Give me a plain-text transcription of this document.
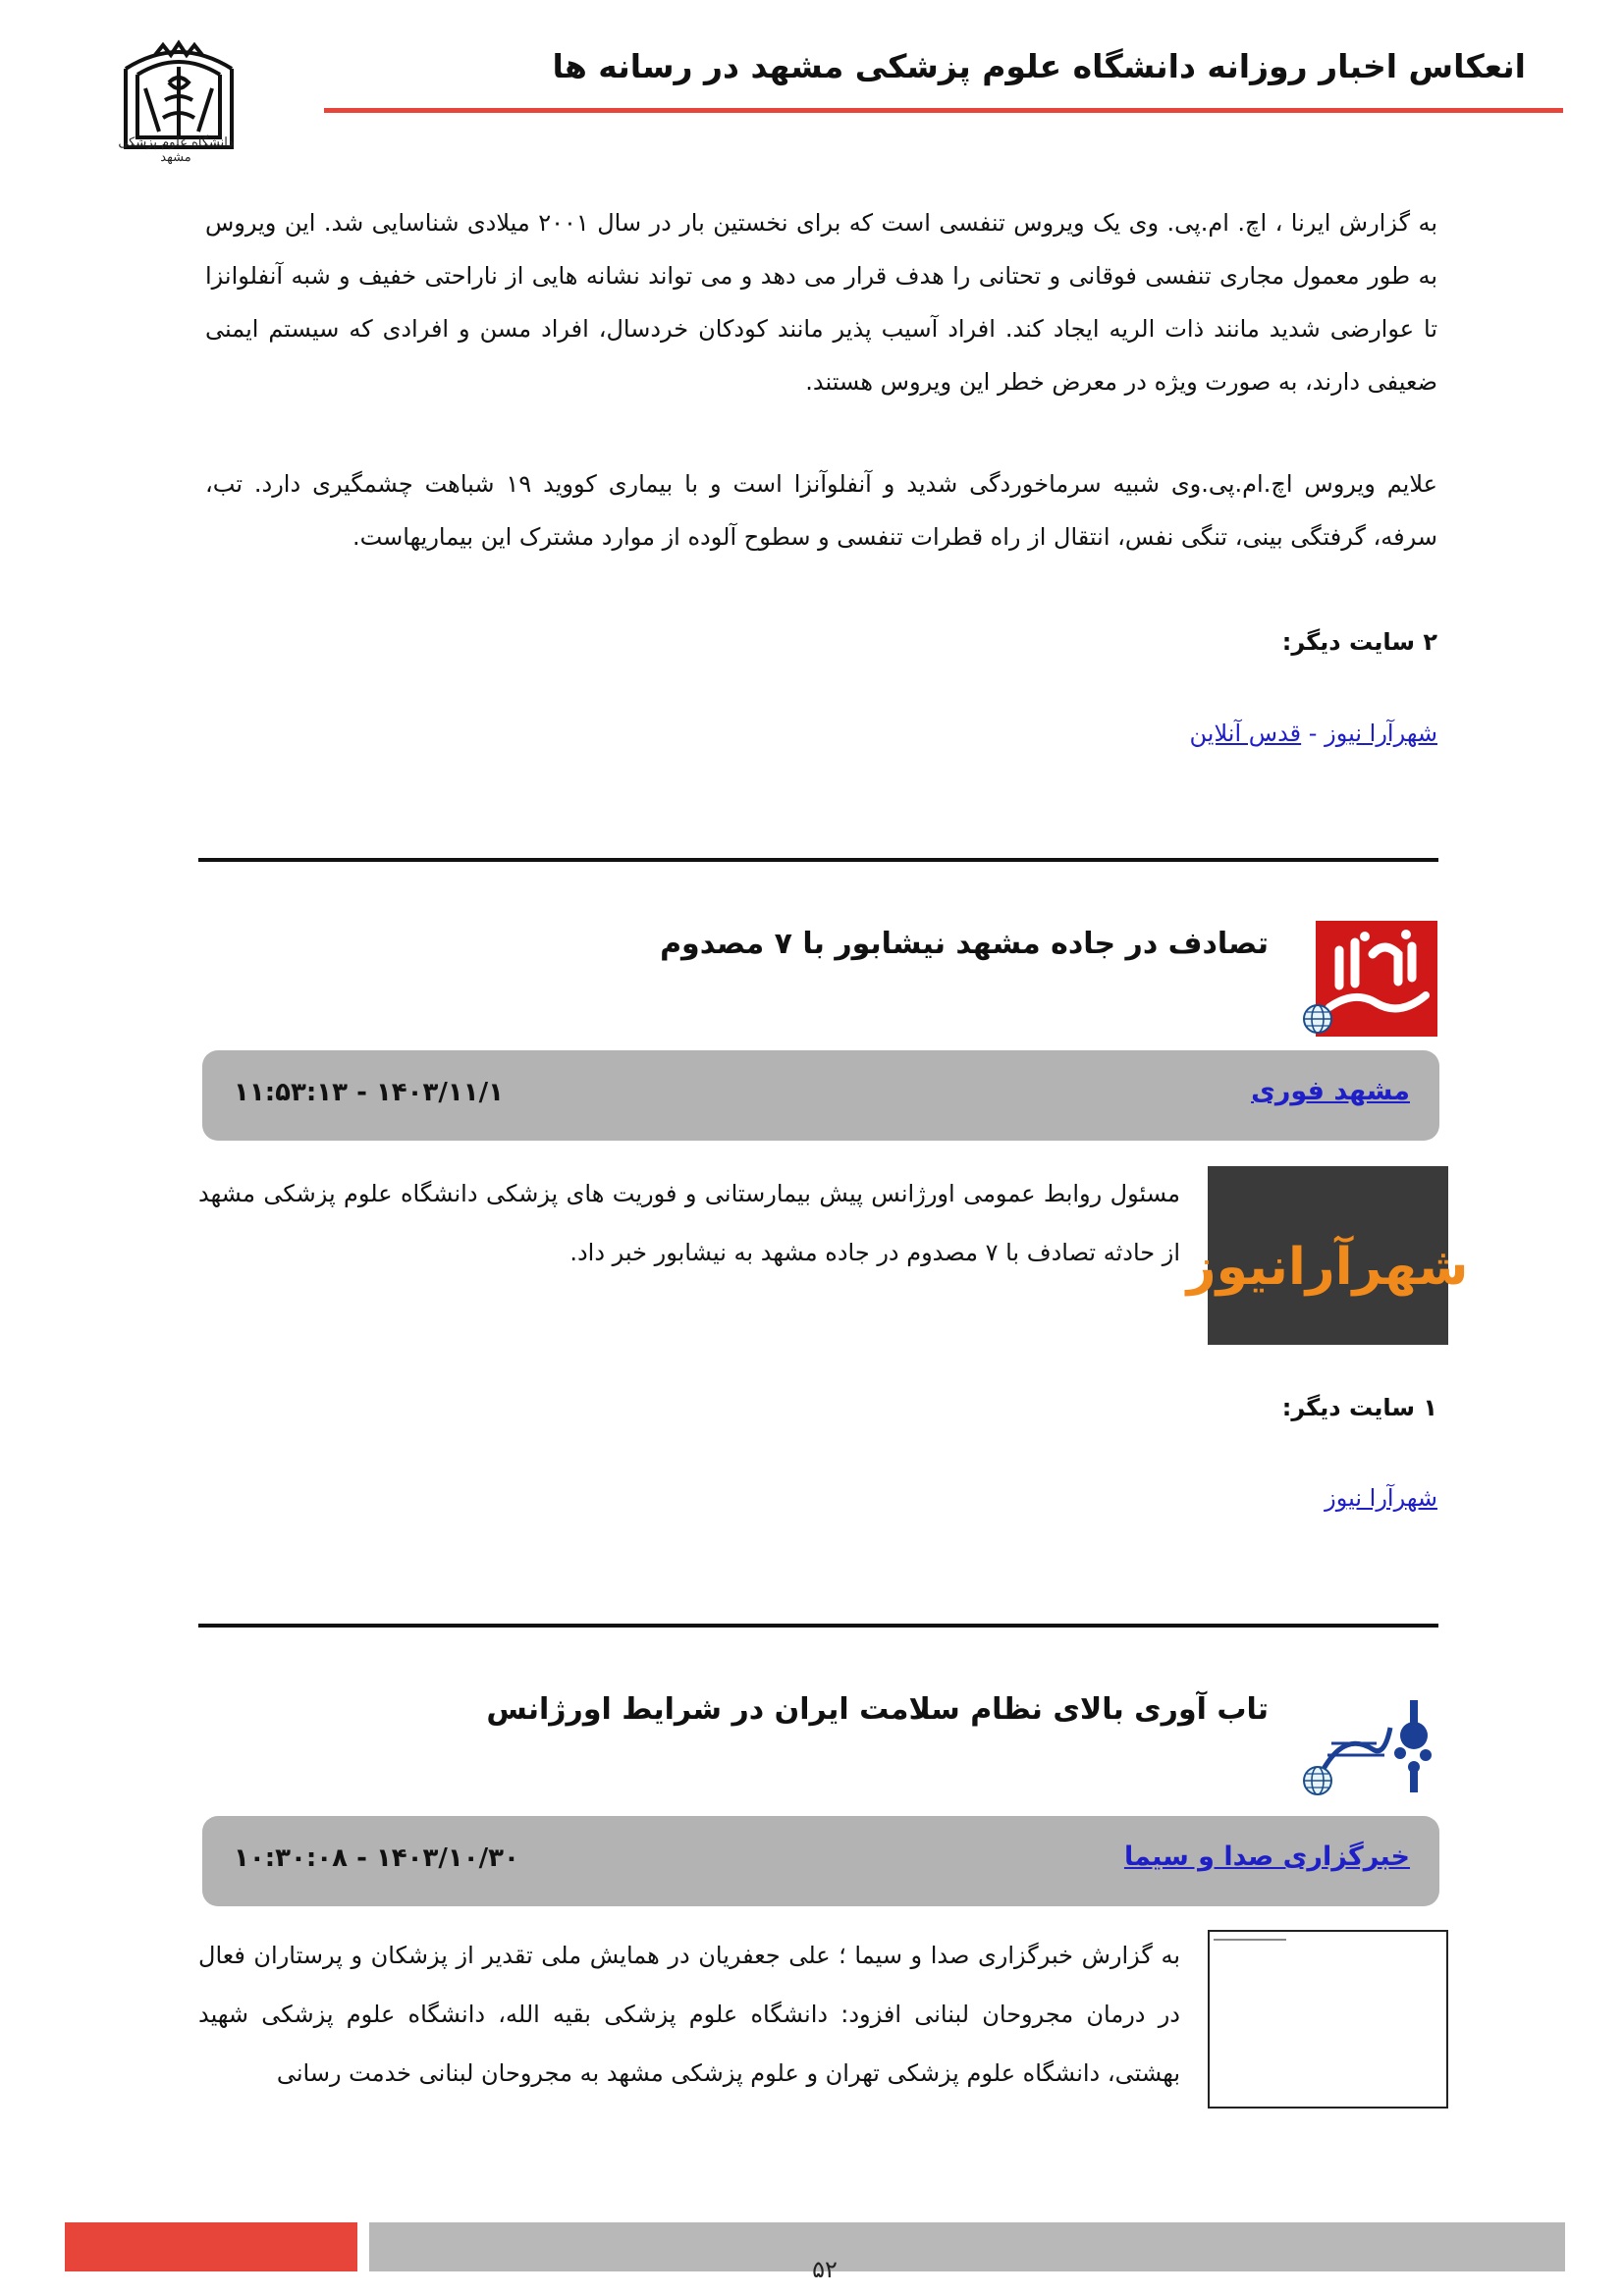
انعکاس اخبار روزانه دانشگاه علوم پزشکی مشهد در رسانه ها
دانشگاه علوم پزشکی مشهد

به گزارش ایرنا ، اچ. ام.پی. وی یک ویروس تنفسی است که برای نخستین بار در سال ۲۰۰۱ میلادی شناسایی شد. این ویروس به طور معمول مجاری تنفسی فوقانی و تحتانی را هدف قرار می دهد و می تواند نشانه هایی از ناراحتی خفیف و شبه آنفلوانزا تا عوارضی شدید مانند ذات الریه ایجاد کند. افراد آسیب پذیر مانند کودکان خردسال، افراد مسن و افرادی که سیستم ایمنی ضعیفی دارند، به صورت ویژه در معرض خطر این ویروس هستند.

علایم ویروس اچ.ام.پی.وی شبیه سرماخوردگی شدید و آنفلوآنزا است و با بیماری کووید ۱۹ شباهت چشمگیری دارد. تب، سرفه، گرفتگی بینی، تنگی نفس، انتقال از راه قطرات تنفسی و سطوح آلوده از موارد مشترک این بیماریهاست.

۲ سایت دیگر:
شهرآرا نیوز - قدس آنلاین
تصادف در جاده مشهد نیشابور با ۷ مصدوم
مشهد فوری
۱۱:۵۳:۱۳ - ۱۴۰۳/۱۱/۱
شهرآرانیوز

مسئول روابط عمومی اورژانس پیش بیمارستانی و فوریت های پزشکی دانشگاه علوم پزشکی مشهد از حادثه تصادف با ۷ مصدوم در جاده مشهد به نیشابور خبر داد.

۱ سایت دیگر:
شهرآرا نیوز
تاب آوری بالای نظام سلامت ایران در شرایط اورژانس
خبرگزاری صدا و سیما
۱۰:۳۰:۰۸ - ۱۴۰۳/۱۰/۳۰

به گزارش خبرگزاری صدا و سیما ؛ علی جعفریان در همایش ملی تقدیر از پزشکان و پرستاران فعال در درمان مجروحان لبنانی افزود: دانشگاه علوم پزشکی بقیه الله، دانشگاه علوم پزشکی شهید بهشتی، دانشگاه علوم پزشکی تهران و علوم پزشکی مشهد به مجروحان لبنانی خدمت رسانی

۵۲
